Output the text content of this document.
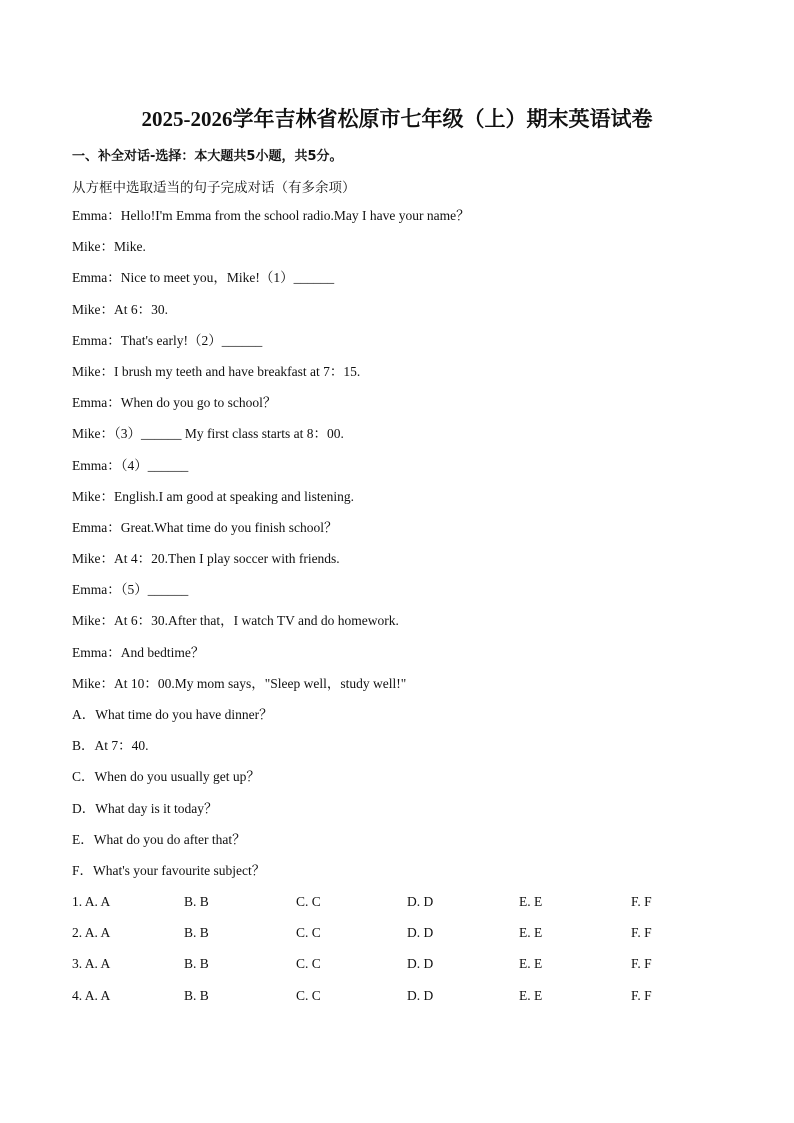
2025-2026学年吉林省松原市七年级（上）期末英语试卷
一、补全对话-选择：本大题共5小题，共5分。
从方框中选取适当的句子完成对话（有多余项）
Emma：Hello!I'm Emma from the school radio.May I have your name？
Mike：Mike.
Emma：Nice to meet you，Mike!（1）______
Mike：At 6：30.
Emma：That's early!（2）______
Mike：I brush my teeth and have breakfast at 7：15.
Emma：When do you go to school？
Mike：（3）______ My first class starts at 8：00.
Emma：（4）______
Mike：English.I am good at speaking and listening.
Emma：Great.What time do you finish school？
Mike：At 4：20.Then I play soccer with friends.
Emma：（5）______
Mike：At 6：30.After that，I watch TV and do homework.
Emma：And bedtime？
Mike：At 10：00.My mom says，"Sleep well，study well!"
A．What time do you have dinner？
B．At 7：40.
C．When do you usually get up？
D．What day is it today？
E．What do you do after that？
F．What's your favourite subject？
1. A. A	B. B	C. C	D. D	E. E	F. F
2. A. A	B. B	C. C	D. D	E. E	F. F
3. A. A	B. B	C. C	D. D	E. E	F. F
4. A. A	B. B	C. C	D. D	E. E	F. F
